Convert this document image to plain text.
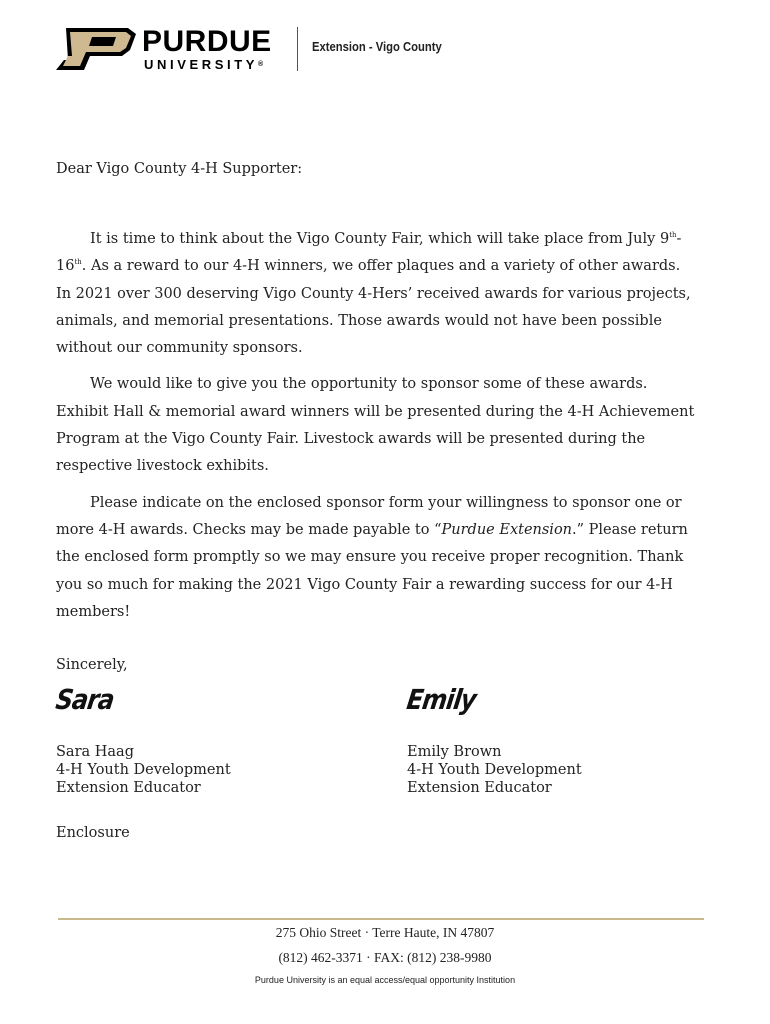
PURDUE
UNIVERSITY®
Extension - Vigo County
Dear Vigo County 4-H Supporter:

It is time to think about the Vigo County Fair, which will take place from July 9th-16th. As a reward to our 4-H winners, we offer plaques and a variety of other awards. In 2021 over 300 deserving Vigo County 4-Hers’ received awards for various projects, animals, and memorial presentations. Those awards would not have been possible without our community sponsors.

We would like to give you the opportunity to sponsor some of these awards. Exhibit Hall & memorial award winners will be presented during the 4-H Achievement Program at the Vigo County Fair. Livestock awards will be presented during the respective livestock exhibits.

Please indicate on the enclosed sponsor form your willingness to sponsor one or more 4-H awards. Checks may be made payable to “Purdue Extension.” Please return the enclosed form promptly so we may ensure you receive proper recognition. Thank you so much for making the 2021 Vigo County Fair a rewarding success for our 4-H members!

Sincerely,
Sara	Emily
Sara Haag
4-H Youth Development
Extension Educator
Emily Brown
4-H Youth Development
Extension Educator
Enclosure
275 Ohio Street · Terre Haute, IN 47807
(812) 462-3371 · FAX: (812) 238-9980
Purdue University is an equal access/equal opportunity Institution
